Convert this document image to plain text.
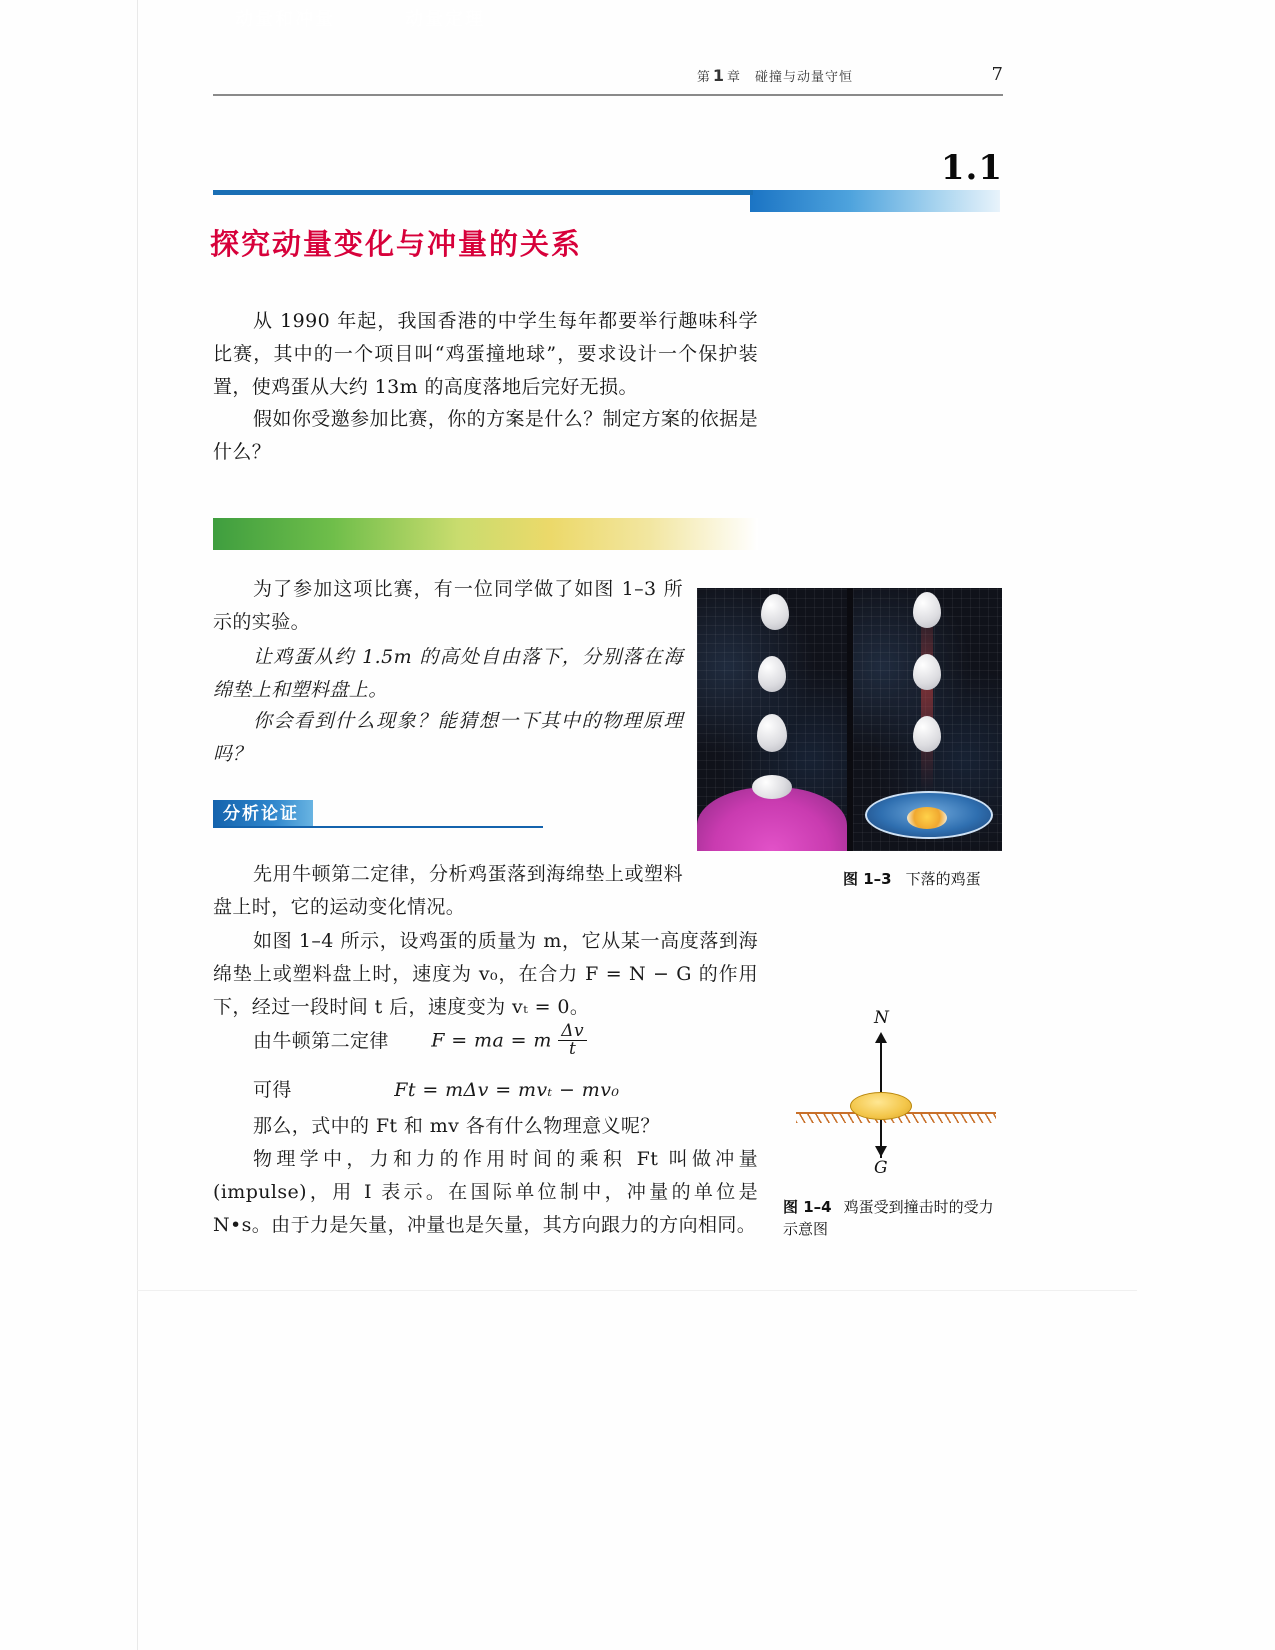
第 1 章　碰撞与动量守恒	7
1.1
探究动量变化与冲量的关系
从 1990 年起，我国香港的中学生每年都要举行趣味科学比赛，其中的一个项目叫“鸡蛋撞地球”，要求设计一个保护装置，使鸡蛋从大约 13m 的高度落地后完好无损。
假如你受邀参加比赛，你的方案是什么？制定方案的依据是什么？
动量和冲量	动量定理
为了参加这项比赛，有一位同学做了如图 1–3 所示的实验。
让鸡蛋从约 1.5m 的高处自由落下，分别落在海绵垫上和塑料盘上。
你会看到什么现象？能猜想一下其中的物理原理吗？
分析论证
先用牛顿第二定律，分析鸡蛋落到海绵垫上或塑料盘上时，它的运动变化情况。
如图 1–4 所示，设鸡蛋的质量为 m，它从某一高度落到海绵垫上或塑料盘上时，速度为 v₀，在合力 F = N − G 的作用下，经过一段时间 t 后，速度变为 vₜ = 0。
由牛顿第二定律 F = ma = m $\frac{\Delta v}{t}$
可得	Ft = mΔv = mvₜ − mv₀
那么，式中的 Ft 和 mv 各有什么物理意义呢？
物理学中，力和力的作用时间的乘积 Ft 叫做冲量(impulse)，用 I 表示。在国际单位制中，冲量的单位是 N•s。由于力是矢量，冲量也是矢量，其方向跟力的方向相同。
图 1–3 下落的鸡蛋
N
G
图 1–4 鸡蛋受到撞击时的受力示意图
